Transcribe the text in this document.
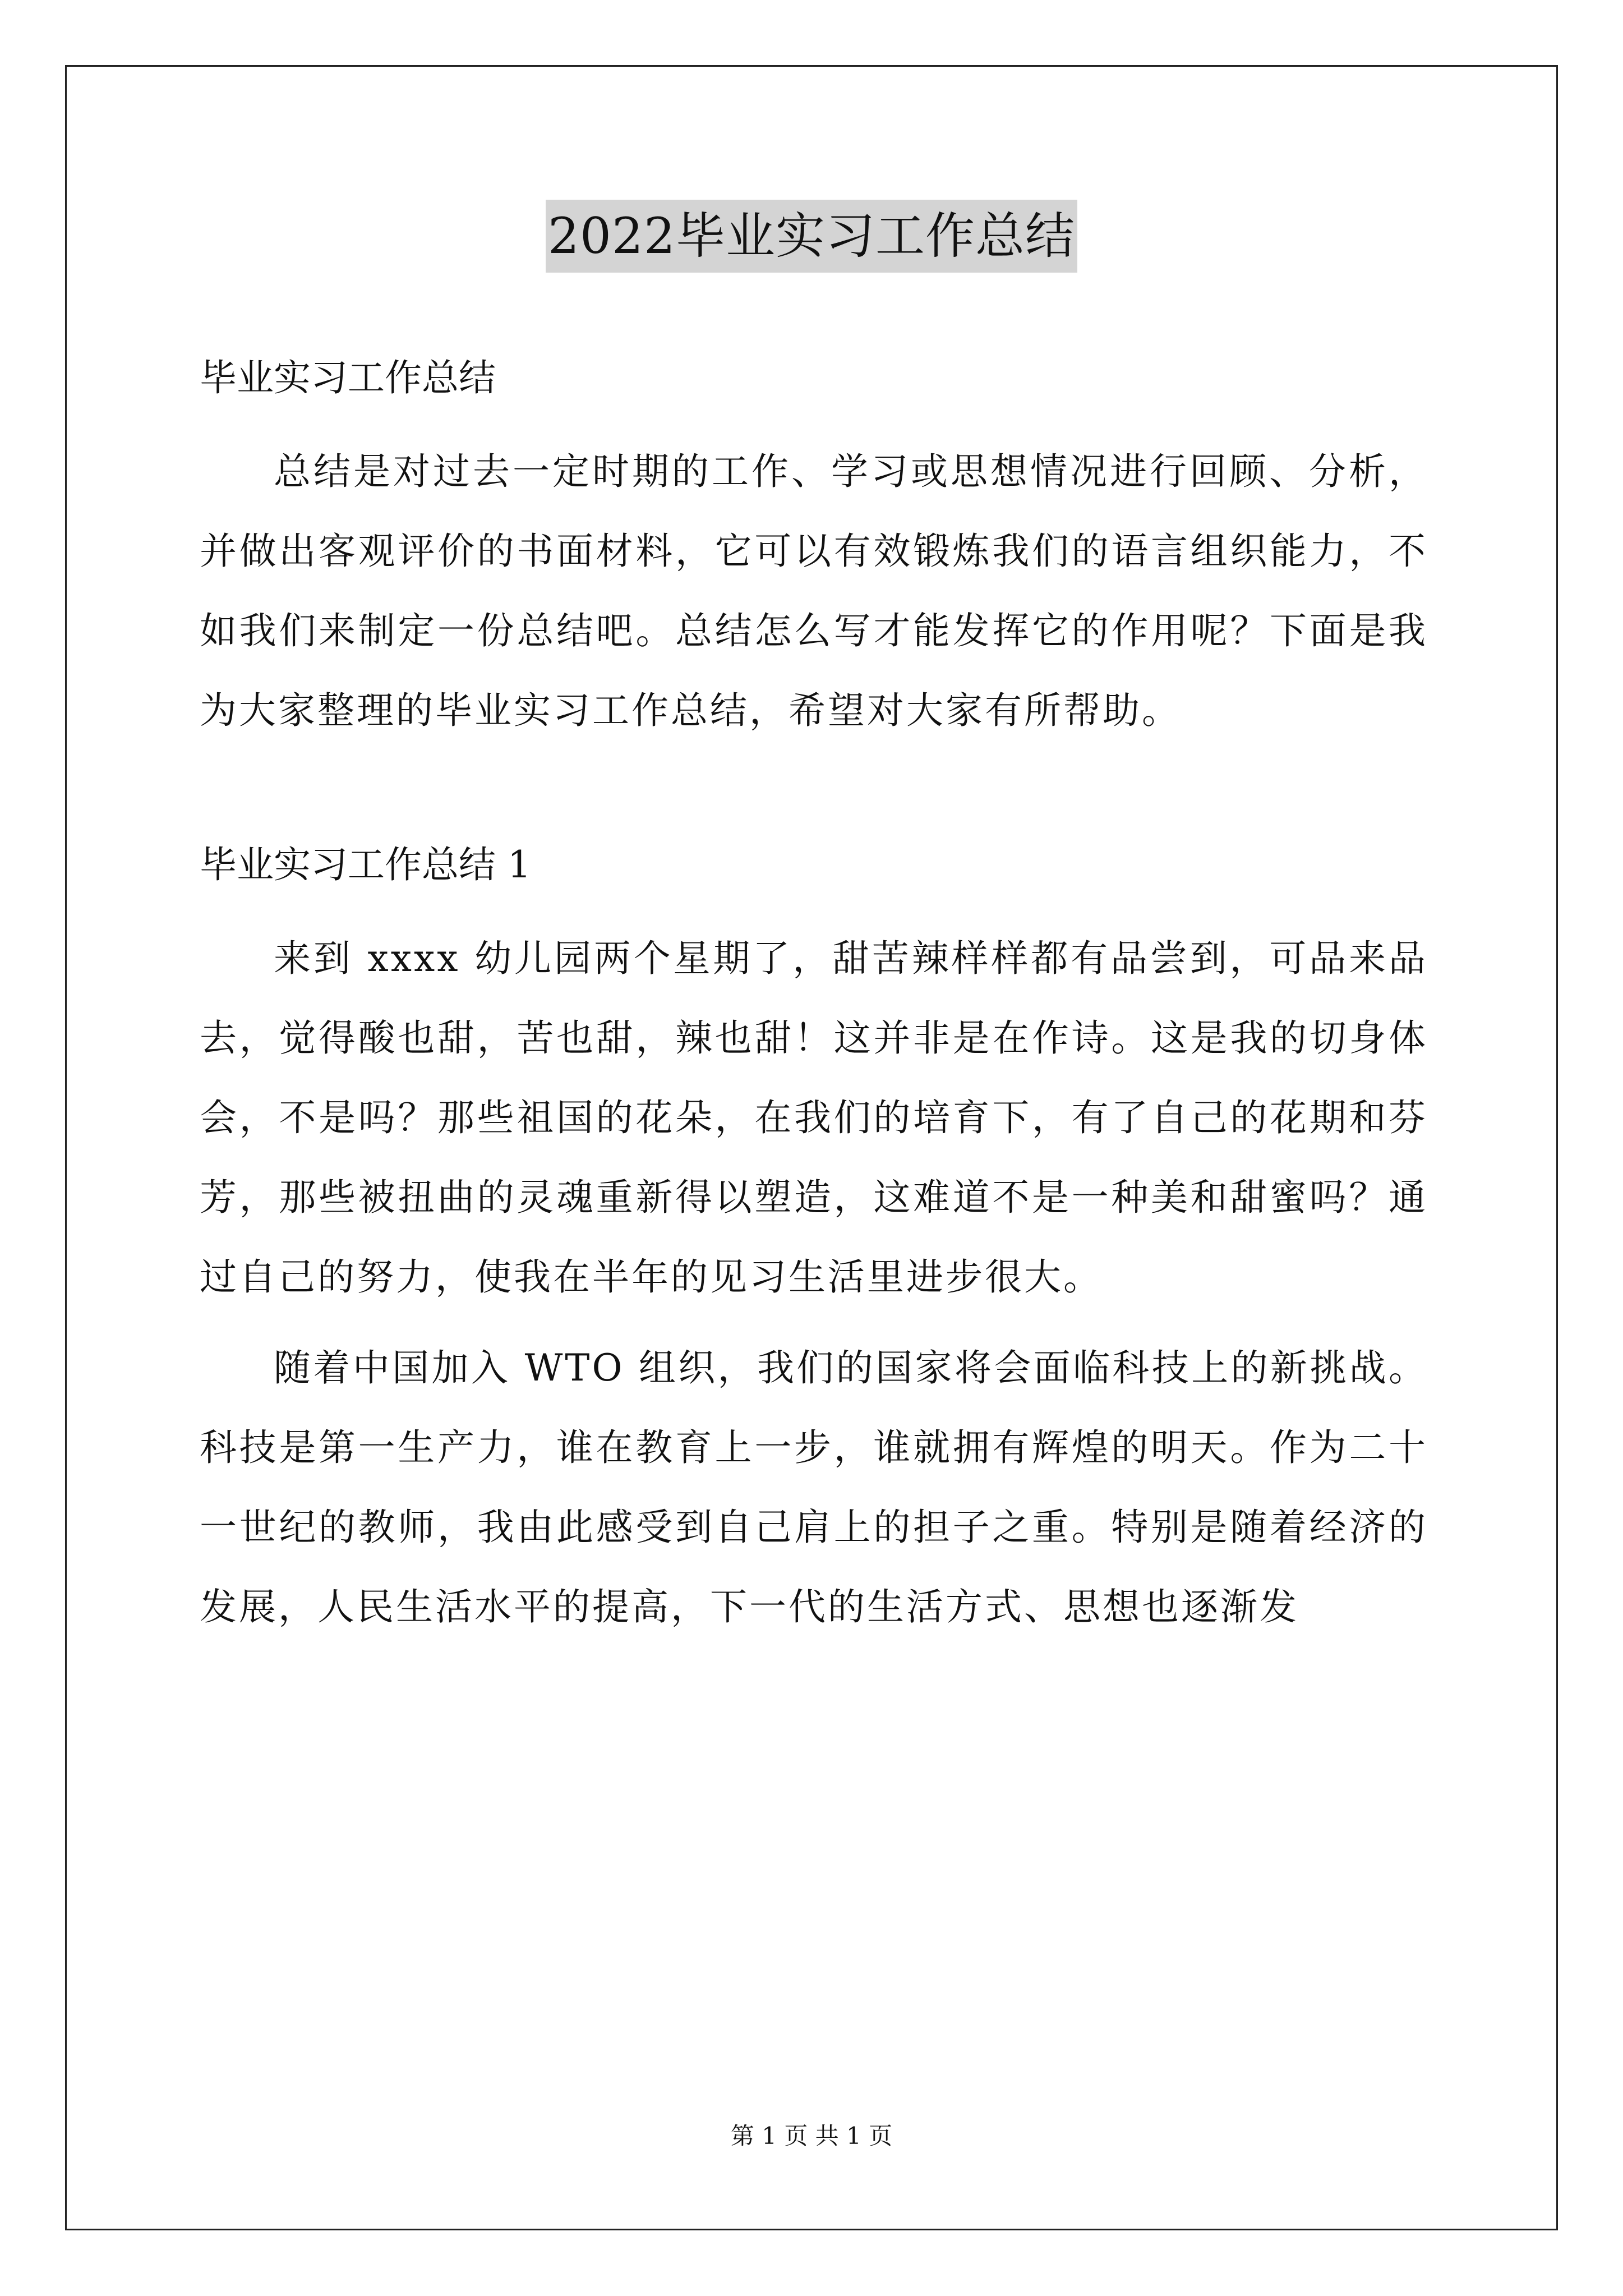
2022毕业实习工作总结

毕业实习工作总结

总结是对过去一定时期的工作、学习或思想情况进行回顾、分析，并做出客观评价的书面材料，它可以有效锻炼我们的语言组织能力，不如我们来制定一份总结吧。总结怎么写才能发挥它的作用呢？下面是我为大家整理的毕业实习工作总结，希望对大家有所帮助。

毕业实习工作总结 1

来到 xxxx 幼儿园两个星期了，甜苦辣样样都有品尝到，可品来品去，觉得酸也甜，苦也甜，辣也甜！这并非是在作诗。这是我的切身体会，不是吗？那些祖国的花朵，在我们的培育下，有了自己的花期和芬芳，那些被扭曲的灵魂重新得以塑造，这难道不是一种美和甜蜜吗？通过自己的努力，使我在半年的见习生活里进步很大。

随着中国加入 WTO 组织，我们的国家将会面临科技上的新挑战。科技是第一生产力，谁在教育上一步，谁就拥有辉煌的明天。作为二十一世纪的教师，我由此感受到自己肩上的担子之重。特别是随着经济的发展，人民生活水平的提高，下一代的生活方式、思想也逐渐发

第 1 页 共 1 页
